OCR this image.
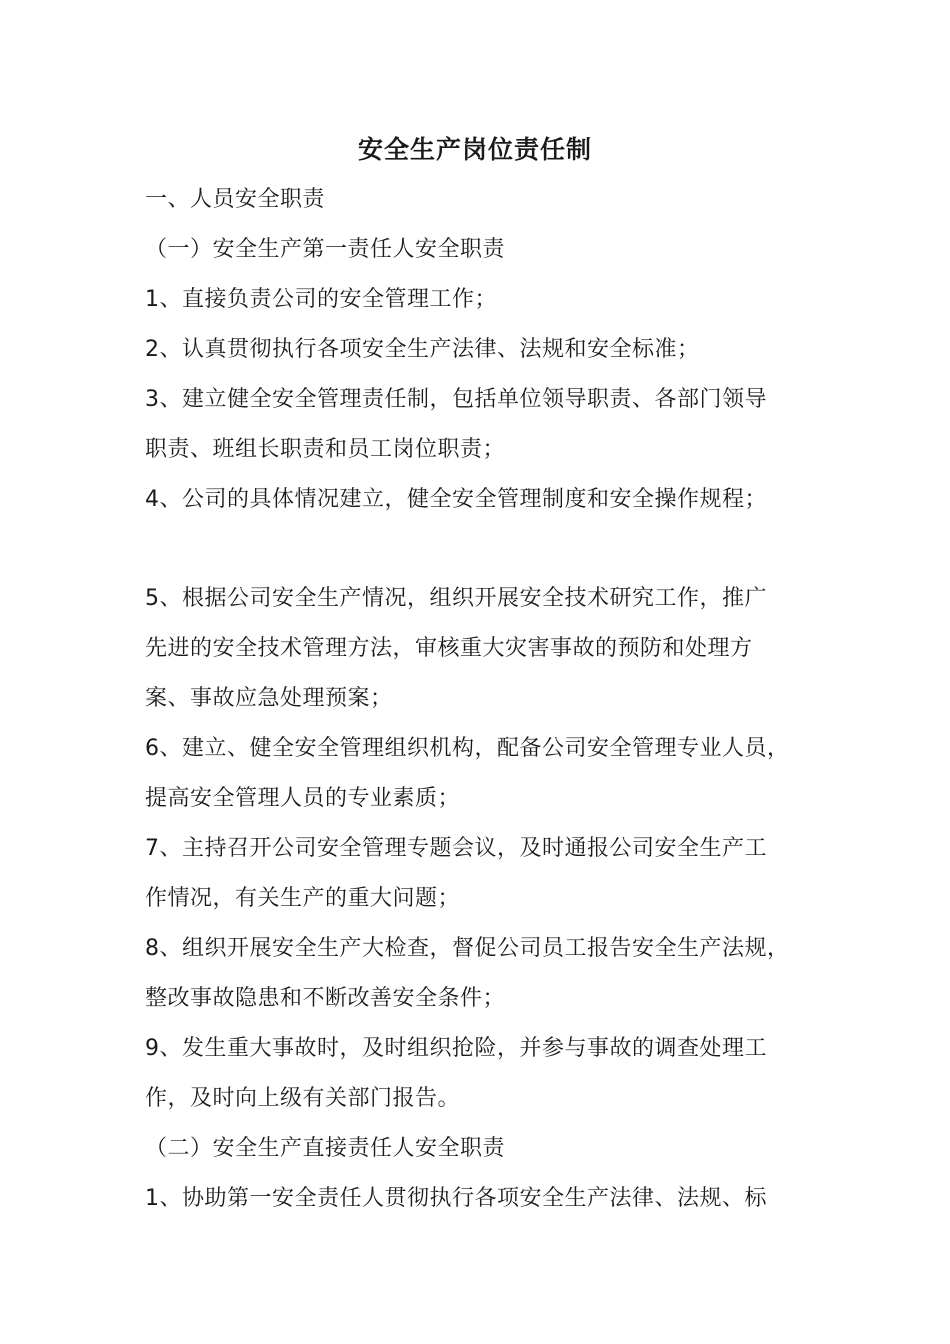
安全生产岗位责任制
一、人员安全职责
（一）安全生产第一责任人安全职责
1、直接负责公司的安全管理工作；
2、认真贯彻执行各项安全生产法律、法规和安全标准；
3、建立健全安全管理责任制，包括单位领导职责、各部门领导
职责、班组长职责和员工岗位职责；
4、公司的具体情况建立，健全安全管理制度和安全操作规程；
5、根据公司安全生产情况，组织开展安全技术研究工作，推广
先进的安全技术管理方法，审核重大灾害事故的预防和处理方
案、事故应急处理预案；
6、建立、健全安全管理组织机构，配备公司安全管理专业人员，
提高安全管理人员的专业素质；
7、主持召开公司安全管理专题会议，及时通报公司安全生产工
作情况，有关生产的重大问题；
8、组织开展安全生产大检查，督促公司员工报告安全生产法规，
整改事故隐患和不断改善安全条件；
9、发生重大事故时，及时组织抢险，并参与事故的调查处理工
作，及时向上级有关部门报告。
（二）安全生产直接责任人安全职责
1、协助第一安全责任人贯彻执行各项安全生产法律、法规、标
